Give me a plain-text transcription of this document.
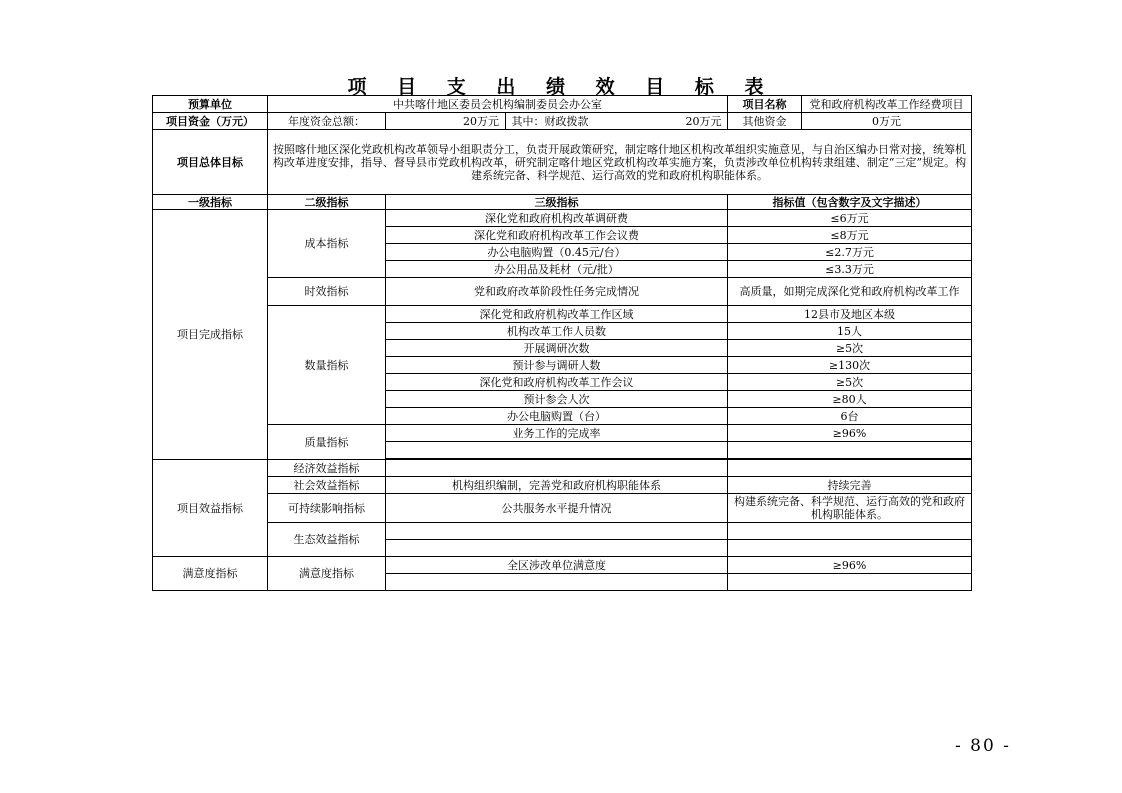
项 目 支 出 绩 效 目 标 表
预算单位	中共喀什地区委员会机构编制委员会办公室			项目名称	党和政府机构改革工作经费项目
项目资金（万元）	年度资金总额：	20万元	其中：财政拨款 20万元	其他资金	0万元
项目总体目标	按照喀什地区深化党政机构改革领导小组职责分工，负责开展政策研究，制定喀什地区机构改革组织实施意见，与自治区编办日常对接，统筹机构改革进度安排，指导、督导县市党政机构改革，研究制定喀什地区党政机构改革实施方案，负责涉改单位机构转隶组建、制定“三定”规定。构建系统完备、科学规范、运行高效的党和政府机构职能体系。				
一级指标	二级指标	三级指标		指标值（包含数字及文字描述）	
项目完成指标	成本指标	深化党和政府机构改革调研费		≤6万元	
		深化党和政府机构改革工作会议费		≤8万元	
		办公电脑购置（0.45元/台）		≤2.7万元	
		办公用品及耗材（元/批）		≤3.3万元	
	时效指标	党和政府改革阶段性任务完成情况		高质量，如期完成深化党和政府机构改革工作	
	数量指标	深化党和政府机构改革工作区域		12县市及地区本级	
		机构改革工作人员数		15人	
		开展调研次数		≥5次	
		预计参与调研人数		≥130次	
		深化党和政府机构改革工作会议		≥5次	
		预计参会人次		≥80人	
		办公电脑购置（台）		6台	
	质量指标	业务工作的完成率		≥96%	

项目效益指标	经济效益指标				
	社会效益指标	机构组织编制，完善党和政府机构职能体系		持续完善	
	可持续影响指标	公共服务水平提升情况		构建系统完备、科学规范、运行高效的党和政府机构职能体系。	
	生态效益指标				

满意度指标	满意度指标	全区涉改单位满意度		≥96%	

- 80 -
